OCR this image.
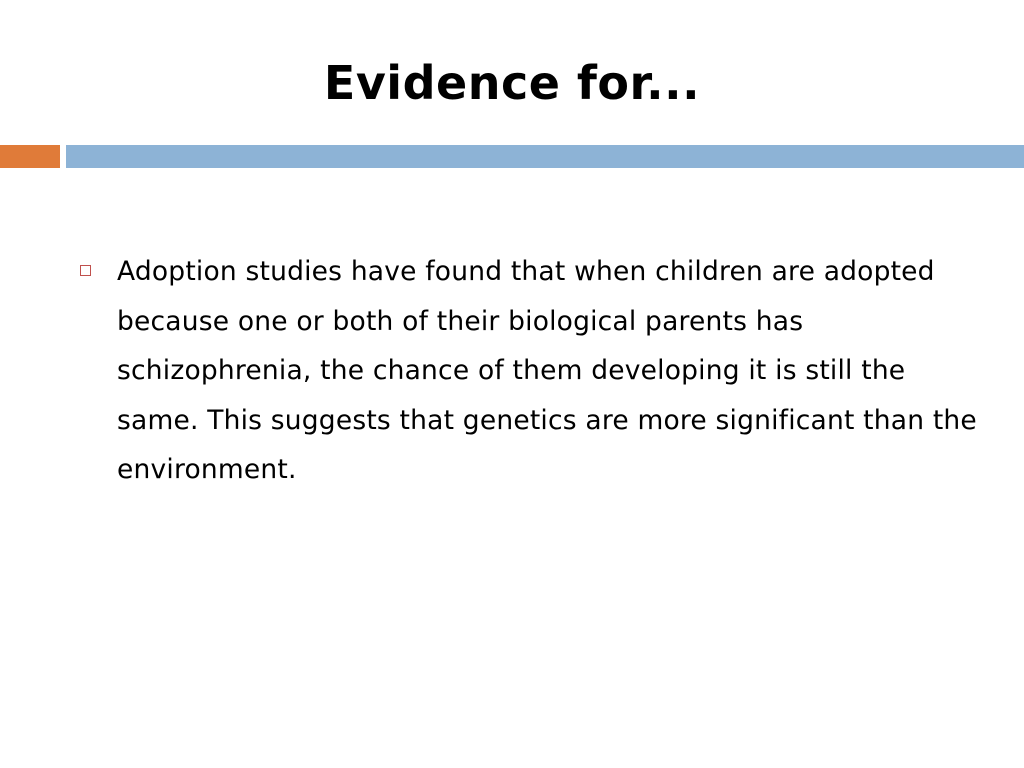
Evidence for...
Adoption studies have found that when children are adopted because one or both of their biological parents has schizophrenia, the chance of them developing it is still the same. This suggests that genetics are more significant than the environment.
